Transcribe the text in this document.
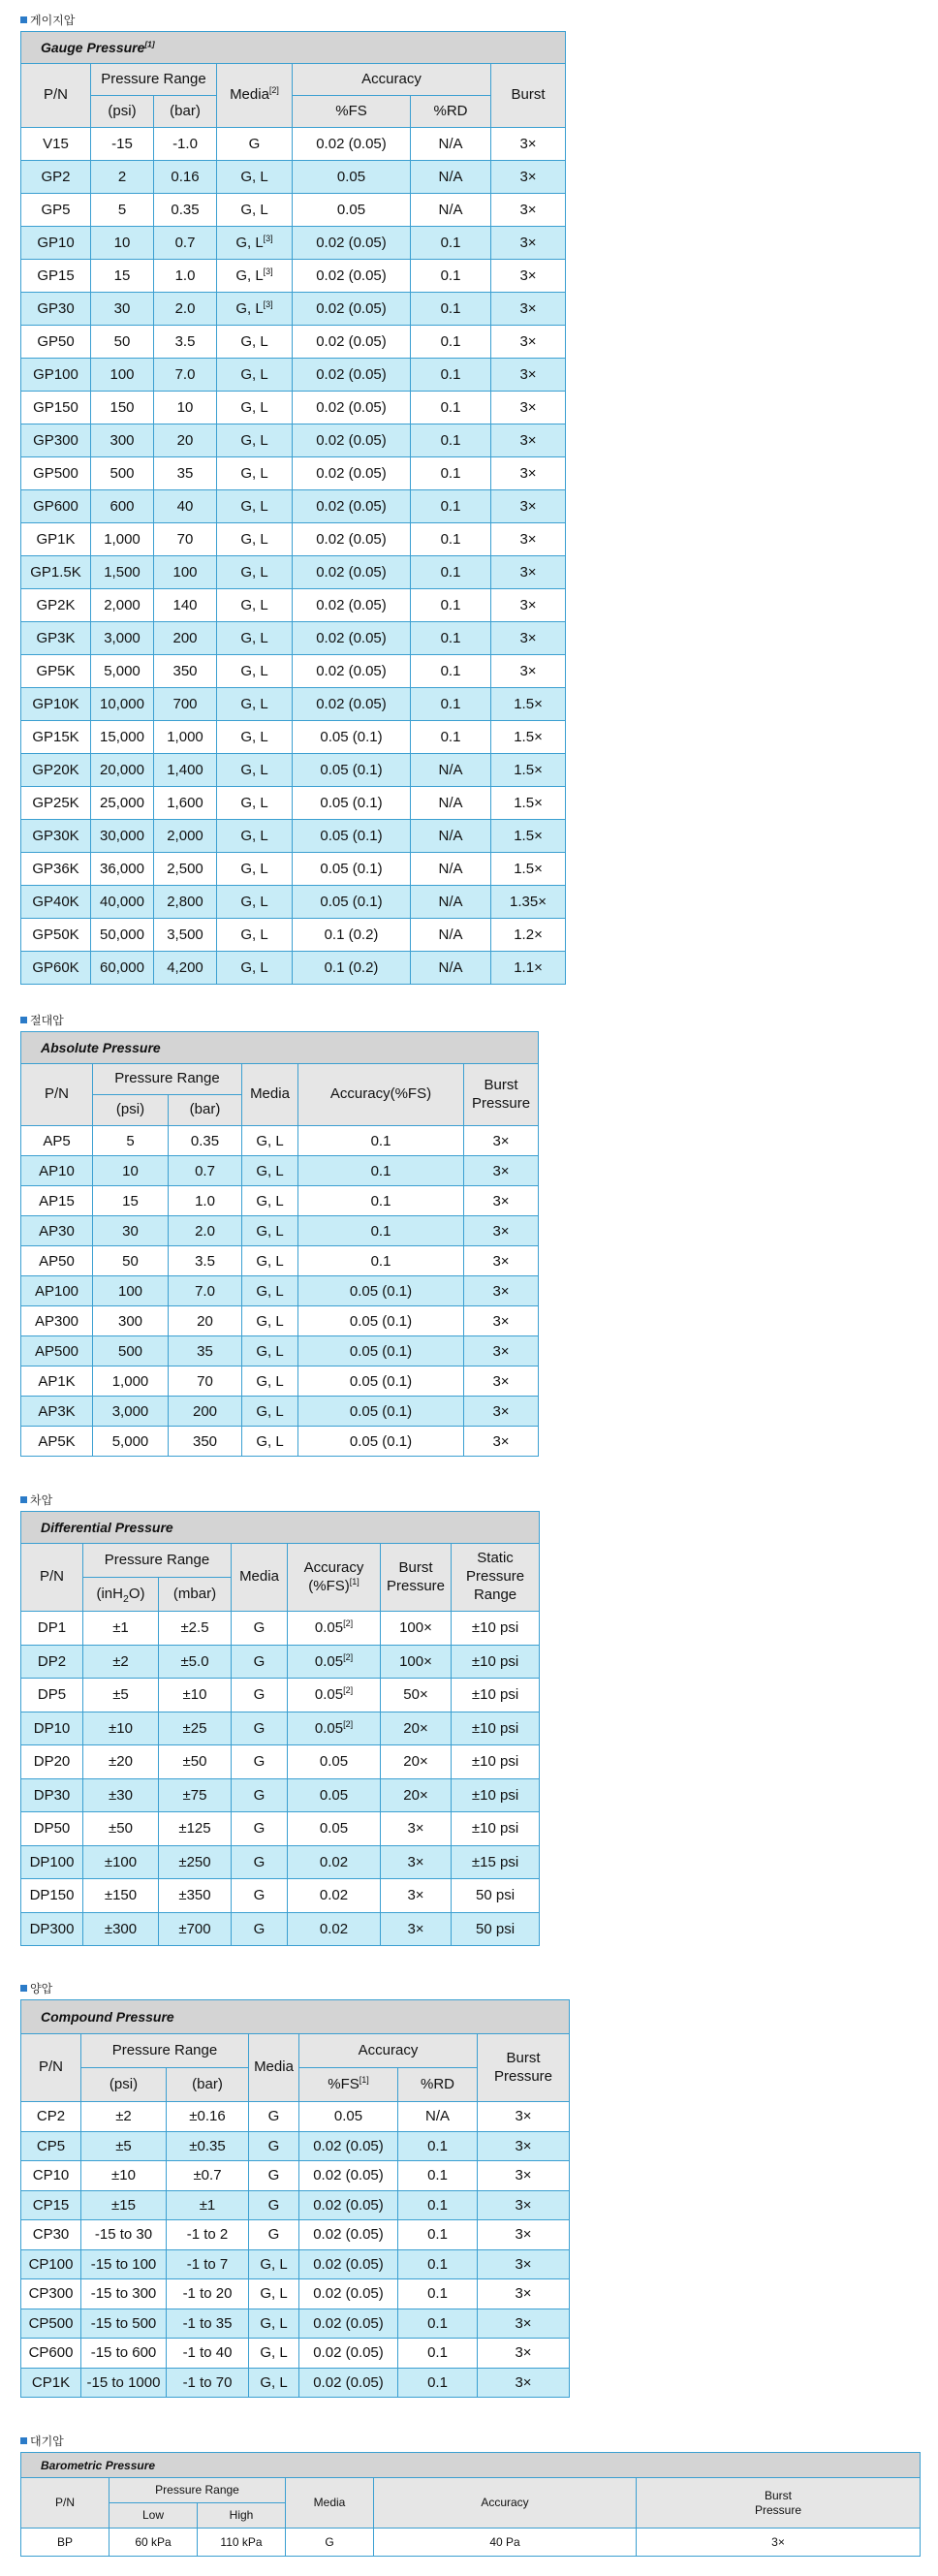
게이지압
Gauge Pressure[1]
P/N	Pressure Range		Media[2]	Accuracy		Burst
	(psi)	(bar)		%FS	%RD	
V15	-15	-1.0	G	0.02 (0.05)	N/A	3×
GP2	2	0.16	G, L	0.05	N/A	3×
GP5	5	0.35	G, L	0.05	N/A	3×
GP10	10	0.7	G, L[3]	0.02 (0.05)	0.1	3×
GP15	15	1.0	G, L[3]	0.02 (0.05)	0.1	3×
GP30	30	2.0	G, L[3]	0.02 (0.05)	0.1	3×
GP50	50	3.5	G, L	0.02 (0.05)	0.1	3×
GP100	100	7.0	G, L	0.02 (0.05)	0.1	3×
GP150	150	10	G, L	0.02 (0.05)	0.1	3×
GP300	300	20	G, L	0.02 (0.05)	0.1	3×
GP500	500	35	G, L	0.02 (0.05)	0.1	3×
GP600	600	40	G, L	0.02 (0.05)	0.1	3×
GP1K	1,000	70	G, L	0.02 (0.05)	0.1	3×
GP1.5K	1,500	100	G, L	0.02 (0.05)	0.1	3×
GP2K	2,000	140	G, L	0.02 (0.05)	0.1	3×
GP3K	3,000	200	G, L	0.02 (0.05)	0.1	3×
GP5K	5,000	350	G, L	0.02 (0.05)	0.1	3×
GP10K	10,000	700	G, L	0.02 (0.05)	0.1	1.5×
GP15K	15,000	1,000	G, L	0.05 (0.1)	0.1	1.5×
GP20K	20,000	1,400	G, L	0.05 (0.1)	N/A	1.5×
GP25K	25,000	1,600	G, L	0.05 (0.1)	N/A	1.5×
GP30K	30,000	2,000	G, L	0.05 (0.1)	N/A	1.5×
GP36K	36,000	2,500	G, L	0.05 (0.1)	N/A	1.5×
GP40K	40,000	2,800	G, L	0.05 (0.1)	N/A	1.35×
GP50K	50,000	3,500	G, L	0.1 (0.2)	N/A	1.2×
GP60K	60,000	4,200	G, L	0.1 (0.2)	N/A	1.1×
절대압
Absolute Pressure					
P/N	Pressure Range		Media	Accuracy(%FS)	Burst
Pressure
	(psi)	(bar)			
AP5	5	0.35	G, L	0.1	3×
AP10	10	0.7	G, L	0.1	3×
AP15	15	1.0	G, L	0.1	3×
AP30	30	2.0	G, L	0.1	3×
AP50	50	3.5	G, L	0.1	3×
AP100	100	7.0	G, L	0.05 (0.1)	3×
AP300	300	20	G, L	0.05 (0.1)	3×
AP500	500	35	G, L	0.05 (0.1)	3×
AP1K	1,000	70	G, L	0.05 (0.1)	3×
AP3K	3,000	200	G, L	0.05 (0.1)	3×
AP5K	5,000	350	G, L	0.05 (0.1)	3×
차압
Differential Pressure						
P/N	Pressure Range		Media	Accuracy
(%FS)[1]	Burst
Pressure	Static
Pressure
Range
	(inH$_2$O)	(mbar)				
DP1	±1	±2.5	G	0.05[2]	100×	±10 psi
DP2	±2	±5.0	G	0.05[2]	100×	±10 psi
DP5	±5	±10	G	0.05[2]	50×	±10 psi
DP10	±10	±25	G	0.05[2]	20×	±10 psi
DP20	±20	±50	G	0.05	20×	±10 psi
DP30	±30	±75	G	0.05	20×	±10 psi
DP50	±50	±125	G	0.05	3×	±10 psi
DP100	±100	±250	G	0.02	3×	±15 psi
DP150	±150	±350	G	0.02	3×	50 psi
DP300	±300	±700	G	0.02	3×	50 psi
양압
Compound Pressure						
P/N	Pressure Range		Media	Accuracy		Burst
Pressure
	(psi)	(bar)		%FS[1]	%RD	
CP2	±2	±0.16	G	0.05	N/A	3×
CP5	±5	±0.35	G	0.02 (0.05)	0.1	3×
CP10	±10	±0.7	G	0.02 (0.05)	0.1	3×
CP15	±15	±1	G	0.02 (0.05)	0.1	3×
CP30	-15 to 30	-1 to 2	G	0.02 (0.05)	0.1	3×
CP100	-15 to 100	-1 to 7	G, L	0.02 (0.05)	0.1	3×
CP300	-15 to 300	-1 to 20	G, L	0.02 (0.05)	0.1	3×
CP500	-15 to 500	-1 to 35	G, L	0.02 (0.05)	0.1	3×
CP600	-15 to 600	-1 to 40	G, L	0.02 (0.05)	0.1	3×
CP1K	-15 to 1000	-1 to 70	G, L	0.02 (0.05)	0.1	3×
대기압
Barometric Pressure					
P/N	Pressure Range		Media	Accuracy	Burst
Pressure
	Low	High			
BP	60 kPa	110 kPa	G	40 Pa	3×
